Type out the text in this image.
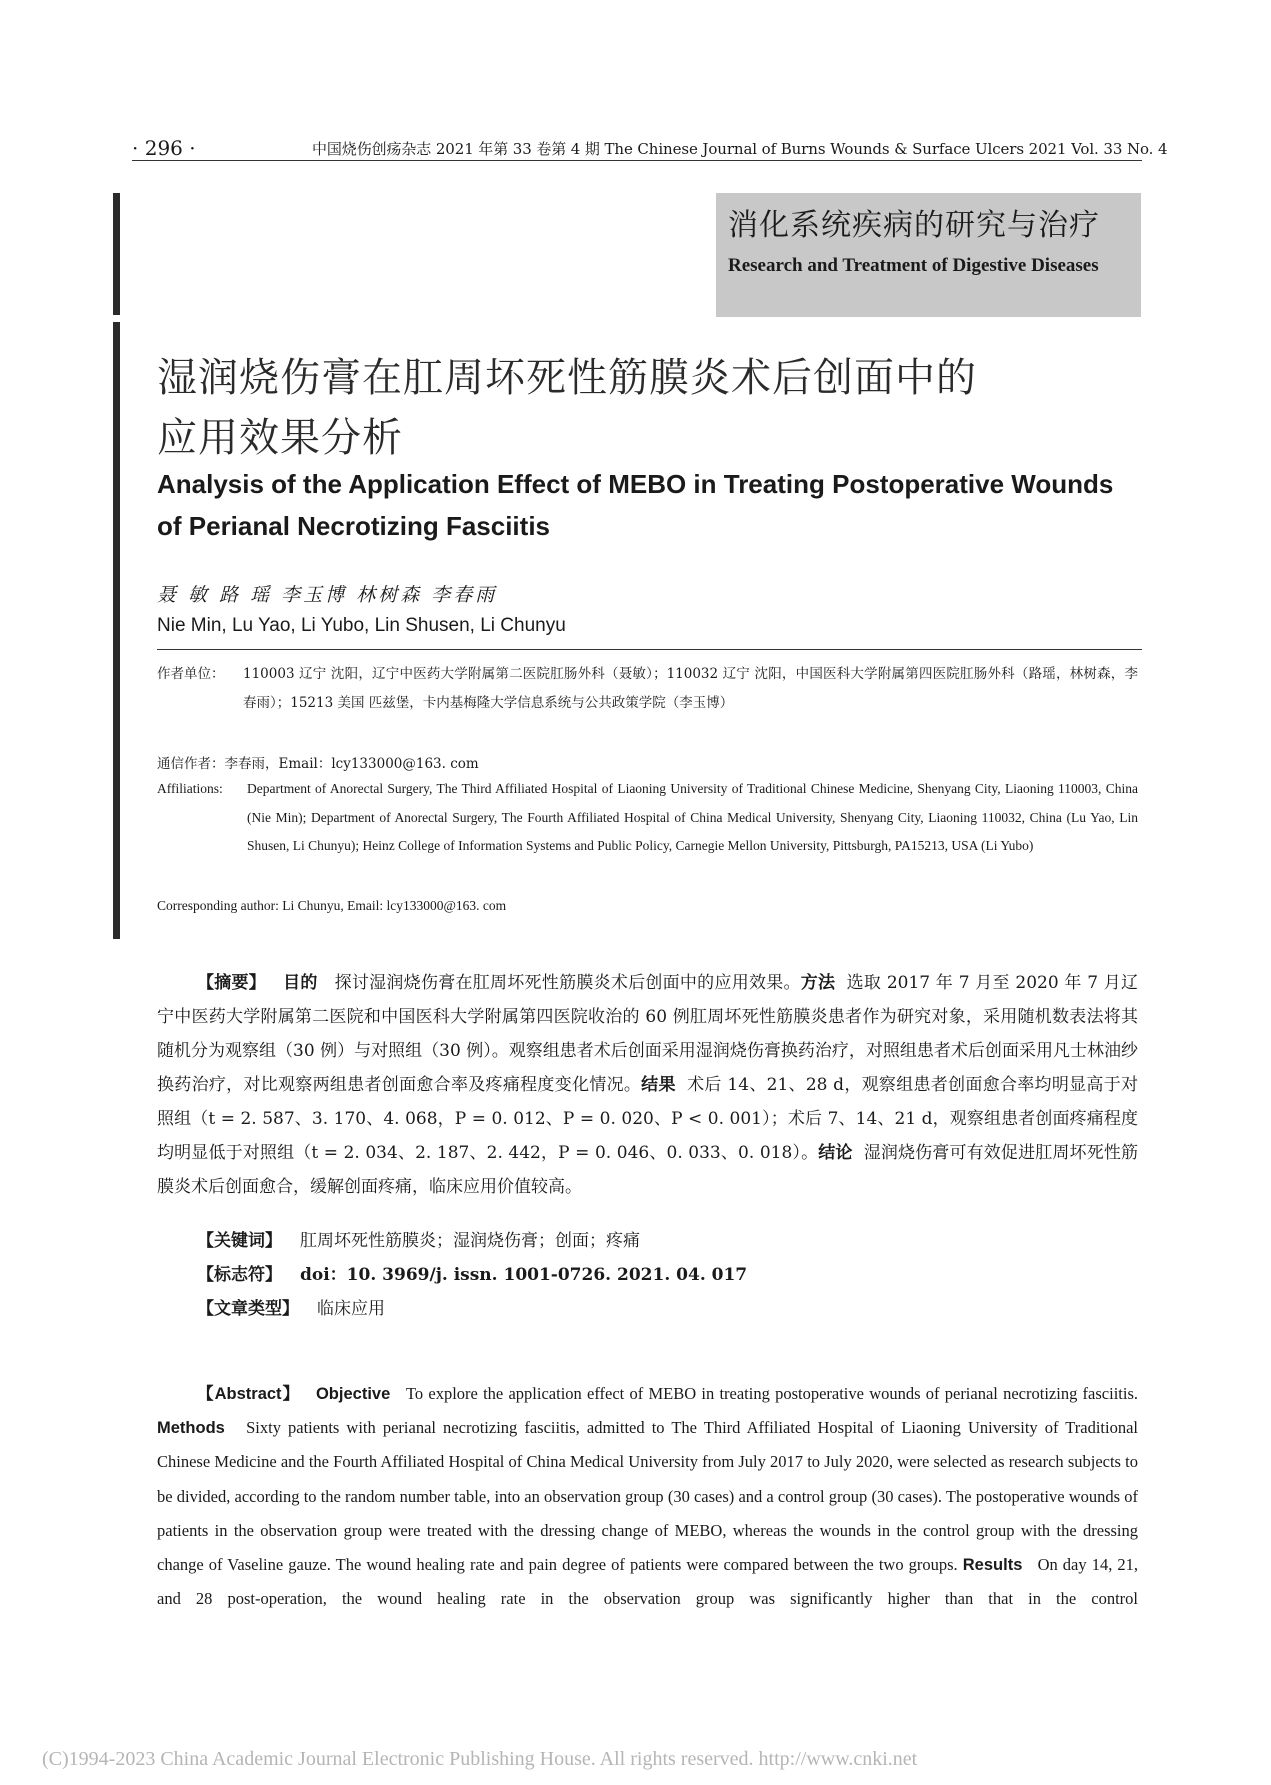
· 296 ·	中国烧伤创疡杂志 2021 年第 33 卷第 4 期 The Chinese Journal of Burns Wounds & Surface Ulcers 2021 Vol. 33 No. 4
消化系统疾病的研究与治疗
Research and Treatment of Digestive Diseases
湿润烧伤膏在肛周坏死性筋膜炎术后创面中的
应用效果分析
Analysis of the Application Effect of MEBO in Treating Postoperative Wounds of Perianal Necrotizing Fasciitis
聂 敏 路 瑶 李玉博 林树森 李春雨
Nie Min, Lu Yao, Li Yubo, Lin Shusen, Li Chunyu
作者单位： 110003 辽宁 沈阳，辽宁中医药大学附属第二医院肛肠外科（聂敏）；110032 辽宁 沈阳，中国医科大学附属第四医院肛肠外科（路瑶，林树森，李春雨）；15213 美国 匹兹堡，卡内基梅隆大学信息系统与公共政策学院（李玉博）
通信作者：李春雨，Email：lcy133000@163. com
Affiliations: Department of Anorectal Surgery, The Third Affiliated Hospital of Liaoning University of Traditional Chinese Medicine, Shenyang City, Liaoning 110003, China (Nie Min); Department of Anorectal Surgery, The Fourth Affiliated Hospital of China Medical University, Shenyang City, Liaoning 110032, China (Lu Yao, Lin Shusen, Li Chunyu); Heinz College of Information Systems and Public Policy, Carnegie Mellon University, Pittsburgh, PA15213, USA (Li Yubo)
Corresponding author: Li Chunyu, Email: lcy133000@163. com
【摘要】 目的 探讨湿润烧伤膏在肛周坏死性筋膜炎术后创面中的应用效果。方法 选取 2017 年 7 月至 2020 年 7 月辽宁中医药大学附属第二医院和中国医科大学附属第四医院收治的 60 例肛周坏死性筋膜炎患者作为研究对象，采用随机数表法将其随机分为观察组（30 例）与对照组（30 例）。观察组患者术后创面采用湿润烧伤膏换药治疗，对照组患者术后创面采用凡士林油纱换药治疗，对比观察两组患者创面愈合率及疼痛程度变化情况。结果 术后 14、21、28 d，观察组患者创面愈合率均明显高于对照组（t = 2. 587、3. 170、4. 068，P = 0. 012、P = 0. 020、P < 0. 001）；术后 7、14、21 d，观察组患者创面疼痛程度均明显低于对照组（t = 2. 034、2. 187、2. 442，P = 0. 046、0. 033、0. 018）。结论 湿润烧伤膏可有效促进肛周坏死性筋膜炎术后创面愈合，缓解创面疼痛，临床应用价值较高。
【关键词】 肛周坏死性筋膜炎；湿润烧伤膏；创面；疼痛
【标志符】 doi：10. 3969/j. issn. 1001-0726. 2021. 04. 017
【文章类型】 临床应用
【Abstract】 Objective To explore the application effect of MEBO in treating postoperative wounds of perianal necrotizing fasciitis. Methods Sixty patients with perianal necrotizing fasciitis, admitted to The Third Affiliated Hospital of Liaoning University of Traditional Chinese Medicine and the Fourth Affiliated Hospital of China Medical University from July 2017 to July 2020, were selected as research subjects to be divided, according to the random number table, into an observation group (30 cases) and a control group (30 cases). The postoperative wounds of patients in the observation group were treated with the dressing change of MEBO, whereas the wounds in the control group with the dressing change of Vaseline gauze. The wound healing rate and pain degree of patients were compared between the two groups. Results On day 14, 21, and 28 post-operation, the wound healing rate in the observation group was significantly higher than that in the control
(C)1994-2023 China Academic Journal Electronic Publishing House. All rights reserved. http://www.cnki.net
